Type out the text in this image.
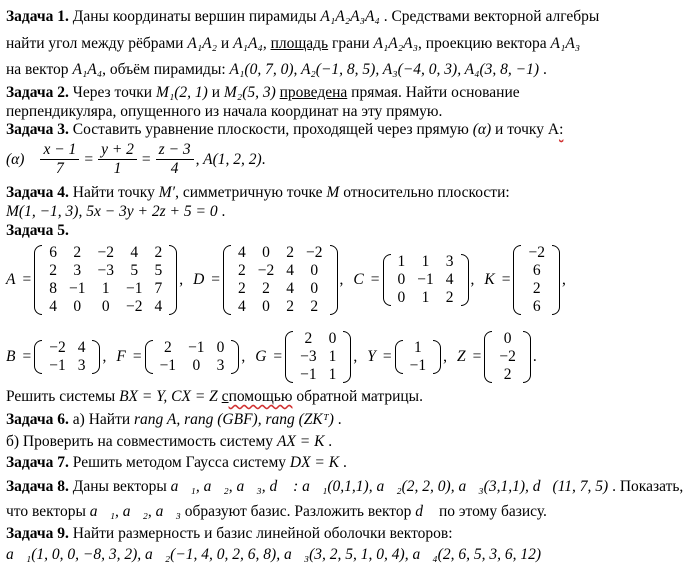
Задача 1. Даны координаты вершин пирамиды A₁A₂A₃A₄ . Средствами векторной алгебры
найти угол между рёбрами A₁A₂ и A₁A₄, площадь грани A₁A₂A₃, проекцию вектора A₁A₃
на вектор A₁A₄, объём пирамиды: A₁(0, 7, 0), A₂(−1, 8, 5), A₃(−4, 0, 3), A₄(3, 8, −1) .
Задача 2. Через точки M₁(2, 1) и M₂(5, 3) проведена прямая. Найти основание
перпендикуляра, опущенного из начала координат на эту прямую.
Задача 3. Составить уравнение плоскости, проходящей через прямую (α) и точку A:
$(\alpha) \frac{x - 1}{7} = \frac{y + 2}{1} = \frac{z - 3}{4}$ , A(1, 2, 2) .
Задача 4. Найти точку M′, симметричную точке M относительно плоскости:
M(1, −1, 3), 5x − 3y + 2z + 5 = 0 .
Задача 5.
A =
6	2	−2	4	2
2	3	−3	5	5
8	−1	1	−1	7
4	0	0	−2	4
, D =
4	0	2	−2
2	−2	4	0
2	2	4	0
4	0	2	2
, C =
1	1	3
0	−1	4
0	1	2
, K =
−2
6
2
6
,
B =
−2	4
−1	3
, F =
2	−1	0
−1	0	3
, G =
2	0
−3	1
−1	1
, Y =
1
−1
, Z =
0
−2
2
.
Решить системы BX = Y, CX = Z спомощью обратной матрицы.
Задача 6. а) Найти rang A, rang (GBF), rang (ZKᵀ) .
б) Проверить на совместимость систему AX = K .
Задача 7. Решить методом Гаусса систему DX = K .
Задача 8. Даны векторы a⃗₁, a⃗₂, a⃗₃, d⃗ : a⃗₁(0,1,1), a⃗₂(2, 2, 0), a⃗₃(3,1,1), d⃗(11, 7, 5) . Показать,
что векторы a⃗₁, a⃗₂, a⃗₃ образуют базис. Разложить вектор d⃗ по этому базису.
Задача 9. Найти размерность и базис линейной оболочки векторов:
a⃗₁(1, 0, 0, −8, 3, 2), a⃗₂(−1, 4, 0, 2, 6, 8), a⃗₃(3, 2, 5, 1, 0, 4), a⃗₄(2, 6, 5, 3, 6, 12)
